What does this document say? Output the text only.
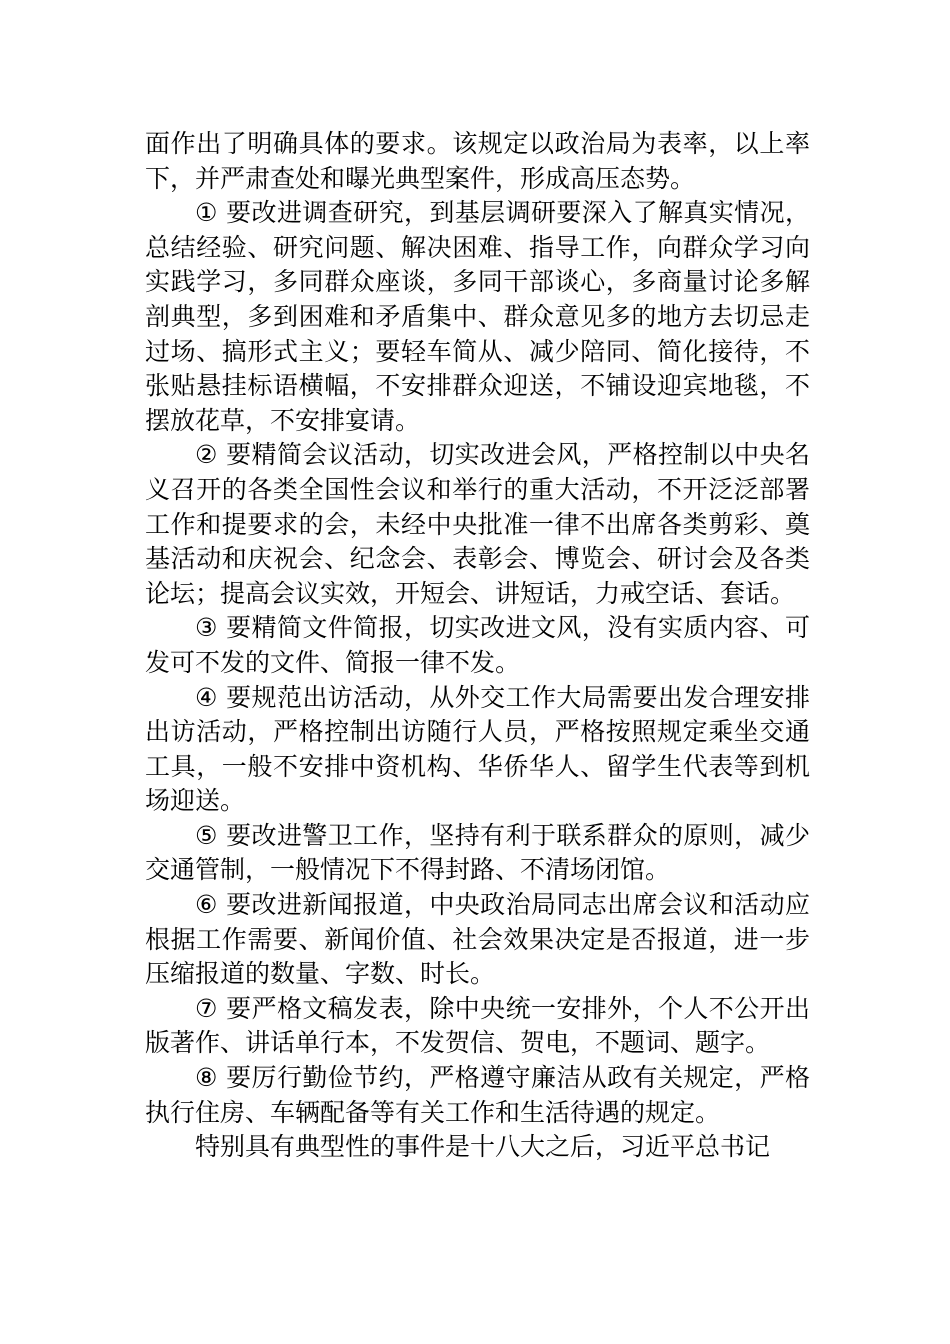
面作出了明确具体的要求。该规定以政治局为表率，以上率下，并严肃查处和曝光典型案件，形成高压态势。

① 要改进调查研究，到基层调研要深入了解真实情况，总结经验、研究问题、解决困难、指导工作，向群众学习向实践学习，多同群众座谈，多同干部谈心，多商量讨论多解剖典型，多到困难和矛盾集中、群众意见多的地方去切忌走过场、搞形式主义；要轻车简从、减少陪同、简化接待，不张贴悬挂标语横幅，不安排群众迎送，不铺设迎宾地毯，不摆放花草，不安排宴请。

② 要精简会议活动，切实改进会风，严格控制以中央名义召开的各类全国性会议和举行的重大活动，不开泛泛部署工作和提要求的会，未经中央批准一律不出席各类剪彩、奠基活动和庆祝会、纪念会、表彰会、博览会、研讨会及各类论坛；提高会议实效，开短会、讲短话，力戒空话、套话。

③ 要精简文件简报，切实改进文风，没有实质内容、可发可不发的文件、简报一律不发。

④ 要规范出访活动，从外交工作大局需要出发合理安排出访活动，严格控制出访随行人员，严格按照规定乘坐交通工具，一般不安排中资机构、华侨华人、留学生代表等到机场迎送。

⑤ 要改进警卫工作，坚持有利于联系群众的原则，减少交通管制，一般情况下不得封路、不清场闭馆。

⑥ 要改进新闻报道，中央政治局同志出席会议和活动应根据工作需要、新闻价值、社会效果决定是否报道，进一步压缩报道的数量、字数、时长。

⑦ 要严格文稿发表，除中央统一安排外，个人不公开出版著作、讲话单行本，不发贺信、贺电，不题词、题字。

⑧ 要厉行勤俭节约，严格遵守廉洁从政有关规定，严格执行住房、车辆配备等有关工作和生活待遇的规定。

特别具有典型性的事件是十八大之后，习近平总书记
